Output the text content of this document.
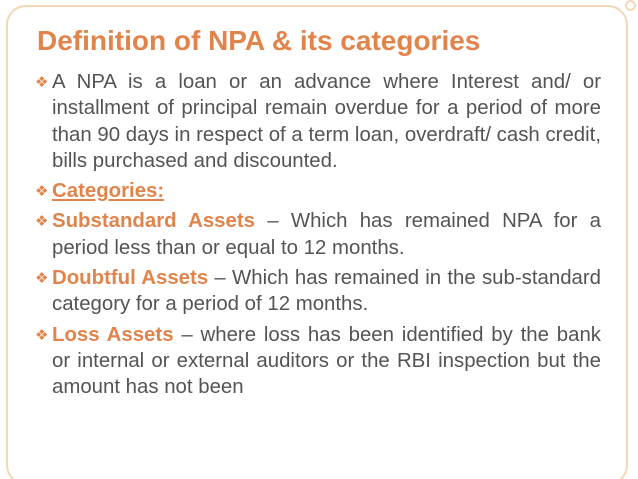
Definition of NPA & its categories
❖ A NPA is a loan or an advance where Interest and/ or installment of principal remain overdue for a period of more than 90 days in respect of a term loan, overdraft/ cash credit, bills purchased and discounted.
❖ Categories:
❖ Substandard Assets – Which has remained NPA for a period less than or equal to 12 months.
❖ Doubtful Assets – Which has remained in the sub-standard category for a period of 12 months.
❖ Loss Assets – where loss has been identified by the bank or internal or external auditors or the RBI inspection but the amount has not been
